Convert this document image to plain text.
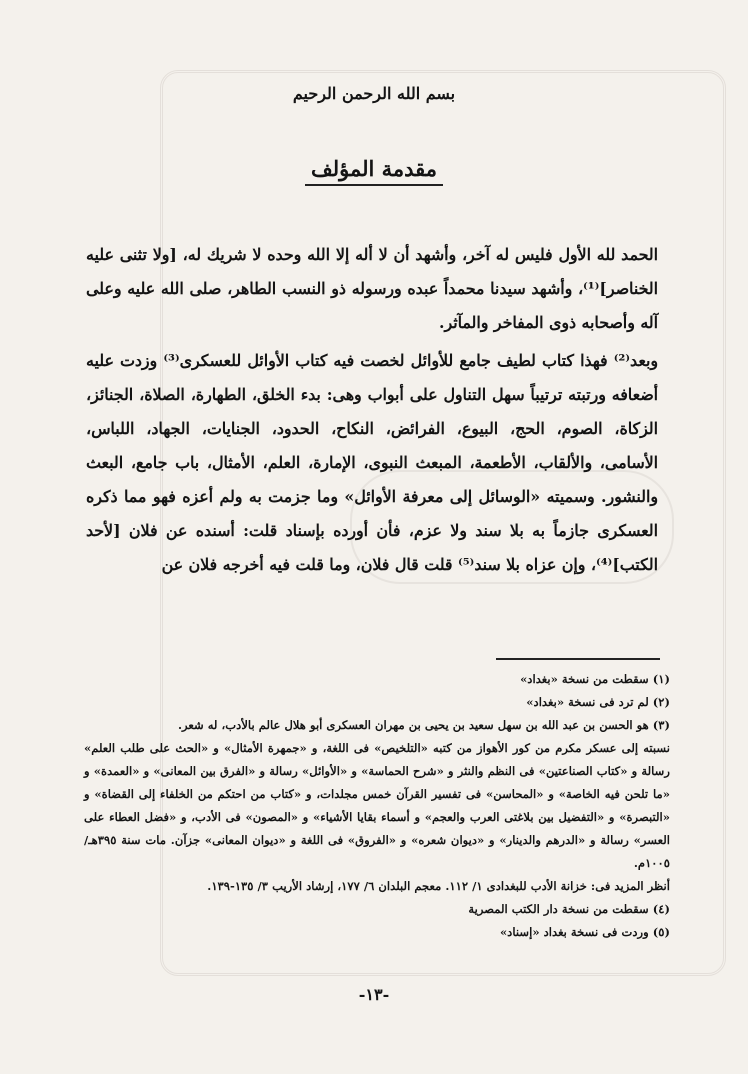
بسم الله الرحمن الرحيم
مقدمة المؤلف

الحمد لله الأول فليس له آخر، وأشهد أن لا أله إلا الله وحده لا شريك له، [ولا تثنى عليه الخناصر]⁽¹⁾، وأشهد سيدنا محمداً عبده ورسوله ذو النسب الطاهر، صلى الله عليه وعلى آله وأصحابه ذوى المفاخر والمآثر.

وبعد⁽²⁾ فهذا كتاب لطيف جامع للأوائل لخصت فيه كتاب الأوائل للعسكرى⁽³⁾ وزدت عليه أضعافه ورتبته ترتيباً سهل التناول على أبواب وهى: بدء الخلق، الطهارة، الصلاة، الجنائز، الزكاة، الصوم، الحج، البيوع، الفرائض، النكاح، الحدود، الجنايات، الجهاد، اللباس، الأسامى، والألقاب، الأطعمة، المبعث النبوى، الإمارة، العلم، الأمثال، باب جامع، البعث والنشور. وسميته «الوسائل إلى معرفة الأوائل» وما جزمت به ولم أعزه فهو مما ذكره العسكرى جازماً به بلا سند ولا عزم، فأن أورده بإسناد قلت: أسنده عن فلان [لأحد الكتب]⁽⁴⁾، وإن عزاه بلا سند⁽⁵⁾ قلت قال فلان، وما قلت فيه أخرجه فلان عن

(١) سقطت من نسخة «بغداد»
(٢) لم ترد فى نسخة «بغداد»
(٣) هو الحسن بن عبد الله بن سهل سعيد بن يحيى بن مهران العسكرى أبو هلال عالم بالأدب، له شعر.
نسبته إلى عسكر مكرم من كور الأهواز من كتبه «التلخيص» فى اللغة، و «جمهرة الأمثال» و «الحث على طلب العلم» رسالة و «كتاب الصناعتين» فى النظم والنثر و «شرح الحماسة» و «الأوائل» رسالة و «الفرق بين المعانى» و «العمدة» و «ما تلحن فيه الخاصة» و «المحاسن» فى تفسير القرآن خمس مجلدات، و «كتاب من احتكم من الخلفاء إلى القضاة» و «التبصرة» و «التفضيل بين بلاغتى العرب والعجم» و أسماء بقايا الأشياء» و «المصون» فى الأدب، و «فضل العطاء على العسر» رسالة و «الدرهم والدينار» و «ديوان شعره» و «الفروق» فى اللغة و «ديوان المعانى» جزآن. مات سنة ٣٩٥هـ/١٠٠٥م.
أنظر المزيد فى: خزانة الأدب للبغدادى ١/ ١١٢. معجم البلدان ٦/ ١٧٧، إرشاد الأريب ٣/ ١٣٥-١٣٩.
(٤) سقطت من نسخة دار الكتب المصرية
(٥) وردت فى نسخة بغداد «إسناد»
-١٣-
